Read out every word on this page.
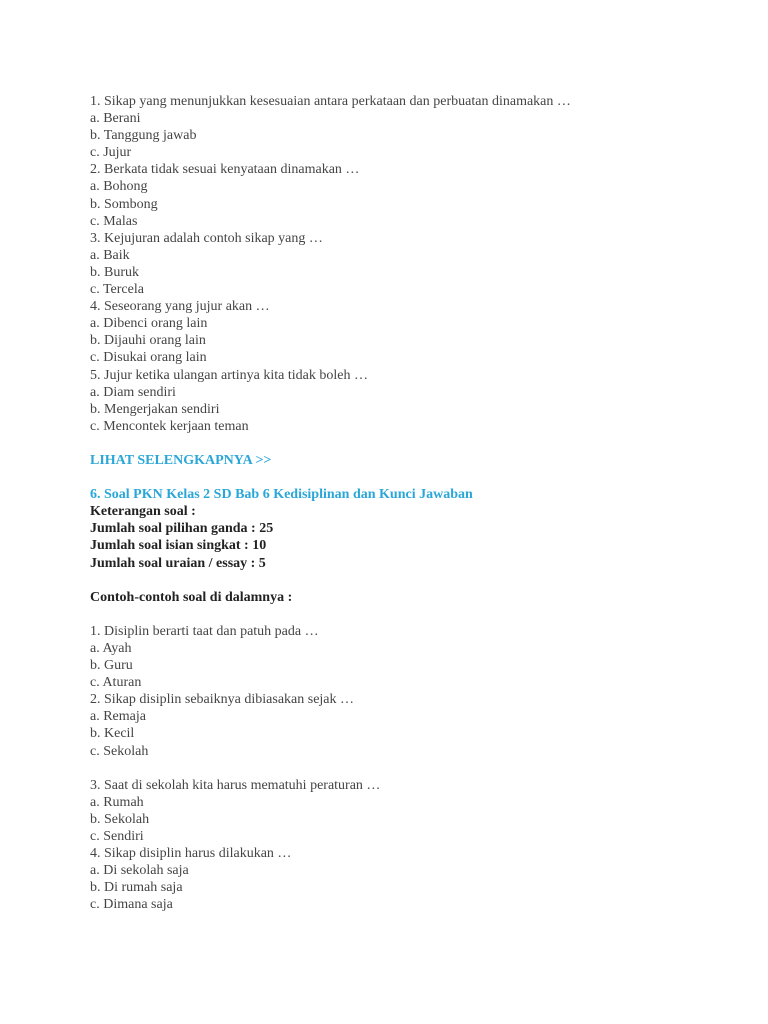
1. Sikap yang menunjukkan kesesuaian antara perkataan dan perbuatan dinamakan …
a. Berani
b. Tanggung jawab
c. Jujur
2. Berkata tidak sesuai kenyataan dinamakan …
a. Bohong
b. Sombong
c. Malas
3. Kejujuran adalah contoh sikap yang …
a. Baik
b. Buruk
c. Tercela
4. Seseorang yang jujur akan …
a. Dibenci orang lain
b. Dijauhi orang lain
c. Disukai orang lain
5. Jujur ketika ulangan artinya kita tidak boleh …
a. Diam sendiri
b. Mengerjakan sendiri
c. Mencontek kerjaan teman
LIHAT SELENGKAPNYA >>
6. Soal PKN Kelas 2 SD Bab 6 Kedisiplinan dan Kunci Jawaban
Keterangan soal :
Jumlah soal pilihan ganda : 25
Jumlah soal isian singkat : 10
Jumlah soal uraian / essay : 5
Contoh-contoh soal di dalamnya :
1. Disiplin berarti taat dan patuh pada …
a. Ayah
b. Guru
c. Aturan
2. Sikap disiplin sebaiknya dibiasakan sejak …
a. Remaja
b. Kecil
c. Sekolah
3. Saat di sekolah kita harus mematuhi peraturan …
a. Rumah
b. Sekolah
c. Sendiri
4. Sikap disiplin harus dilakukan …
a. Di sekolah saja
b. Di rumah saja
c. Dimana saja
